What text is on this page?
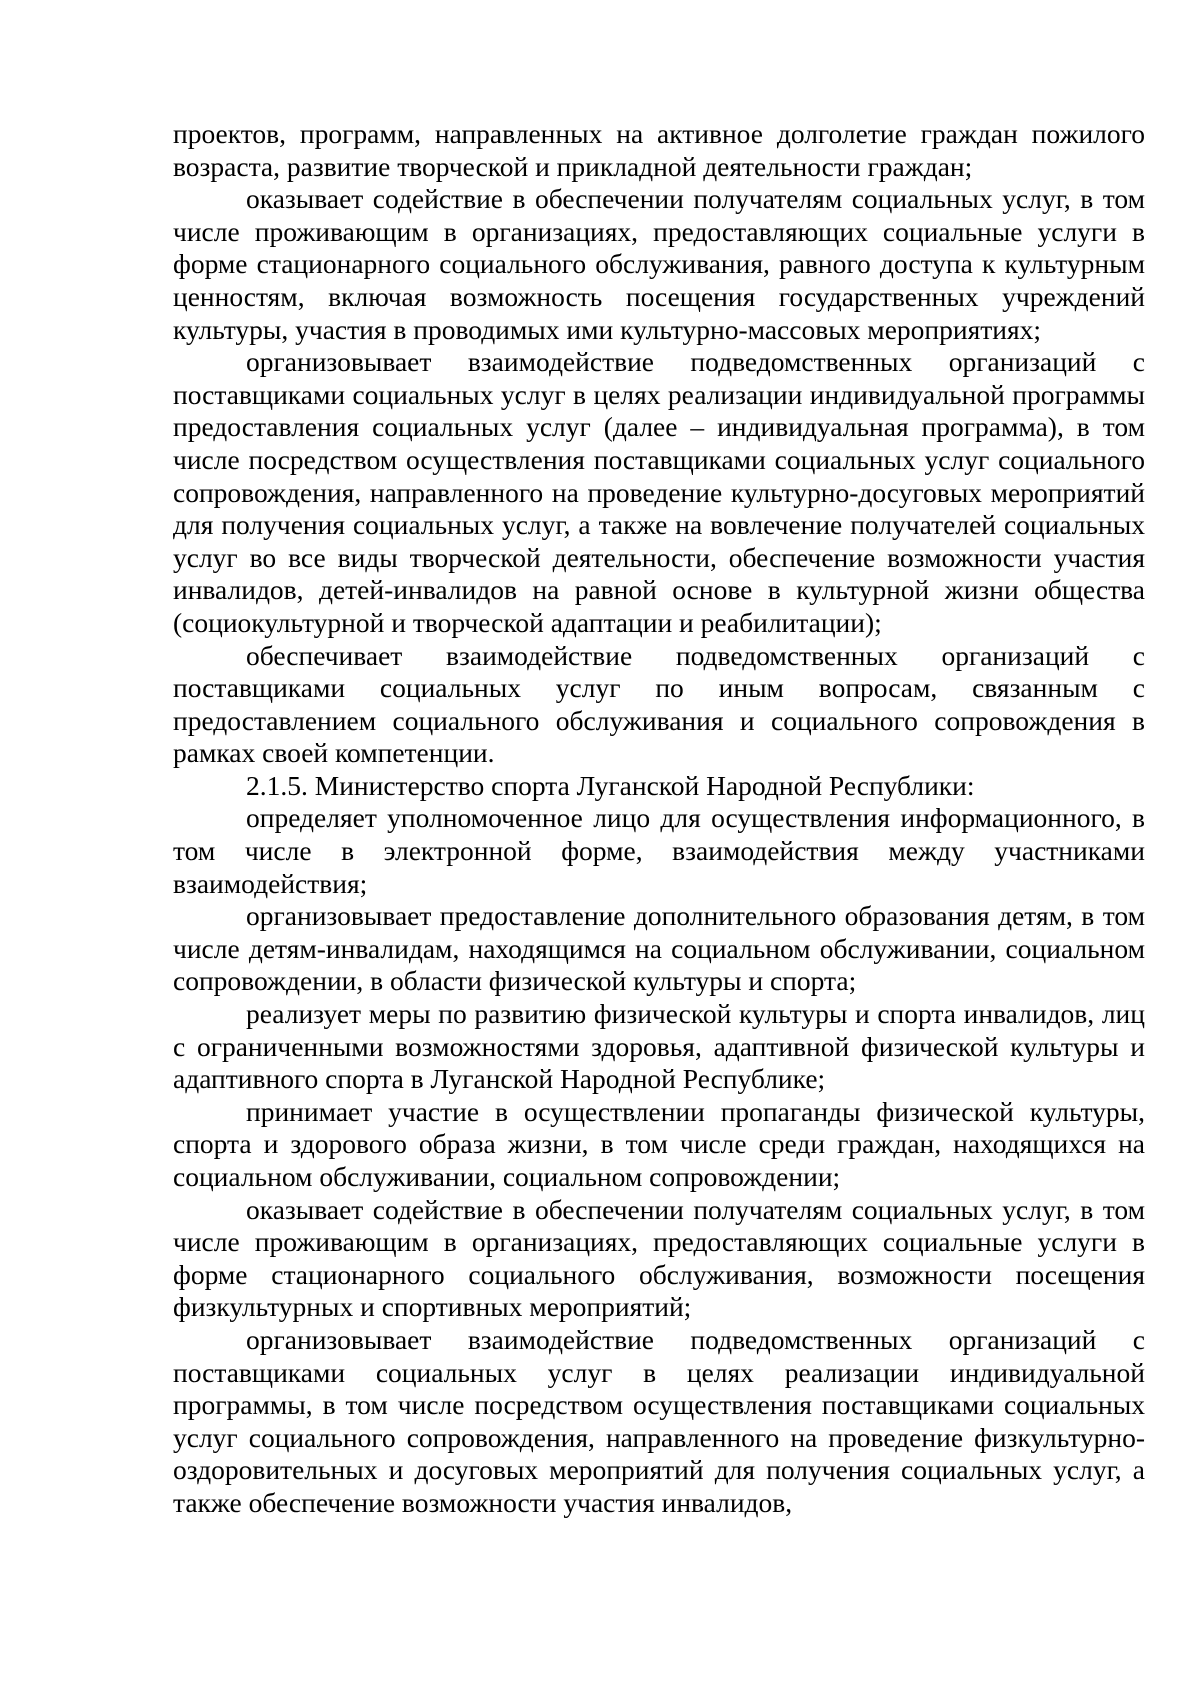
проектов, программ, направленных на активное долголетие граждан пожилого возраста, развитие творческой и прикладной деятельности граждан;

оказывает содействие в обеспечении получателям социальных услуг, в том числе проживающим в организациях, предоставляющих социальные услуги в форме стационарного социального обслуживания, равного доступа к культурным ценностям, включая возможность посещения государственных учреждений культуры, участия в проводимых ими культурно-массовых мероприятиях;

организовывает взаимодействие подведомственных организаций с поставщиками социальных услуг в целях реализации индивидуальной программы предоставления социальных услуг (далее – индивидуальная программа), в том числе посредством осуществления поставщиками социальных услуг социального сопровождения, направленного на проведение культурно-досуговых мероприятий для получения социальных услуг, а также на вовлечение получателей социальных услуг во все виды творческой деятельности, обеспечение возможности участия инвалидов, детей-инвалидов на равной основе в культурной жизни общества (социокультурной и творческой адаптации и реабилитации);

обеспечивает взаимодействие подведомственных организаций с поставщиками социальных услуг по иным вопросам, связанным с предоставлением социального обслуживания и социального сопровождения в рамках своей компетенции.

2.1.5. Министерство спорта Луганской Народной Республики:

определяет уполномоченное лицо для осуществления информационного, в том числе в электронной форме, взаимодействия между участниками взаимодействия;

организовывает предоставление дополнительного образования детям, в том числе детям-инвалидам, находящимся на социальном обслуживании, социальном сопровождении, в области физической культуры и спорта;

реализует меры по развитию физической культуры и спорта инвалидов, лиц с ограниченными возможностями здоровья, адаптивной физической культуры и адаптивного спорта в Луганской Народной Республике;

принимает участие в осуществлении пропаганды физической культуры, спорта и здорового образа жизни, в том числе среди граждан, находящихся на социальном обслуживании, социальном сопровождении;

оказывает содействие в обеспечении получателям социальных услуг, в том числе проживающим в организациях, предоставляющих социальные услуги в форме стационарного социального обслуживания, возможности посещения физкультурных и спортивных мероприятий;

организовывает взаимодействие подведомственных организаций с поставщиками социальных услуг в целях реализации индивидуальной программы, в том числе посредством осуществления поставщиками социальных услуг социального сопровождения, направленного на проведение физкультурно-оздоровительных и досуговых мероприятий для получения социальных услуг, а также обеспечение возможности участия инвалидов,
